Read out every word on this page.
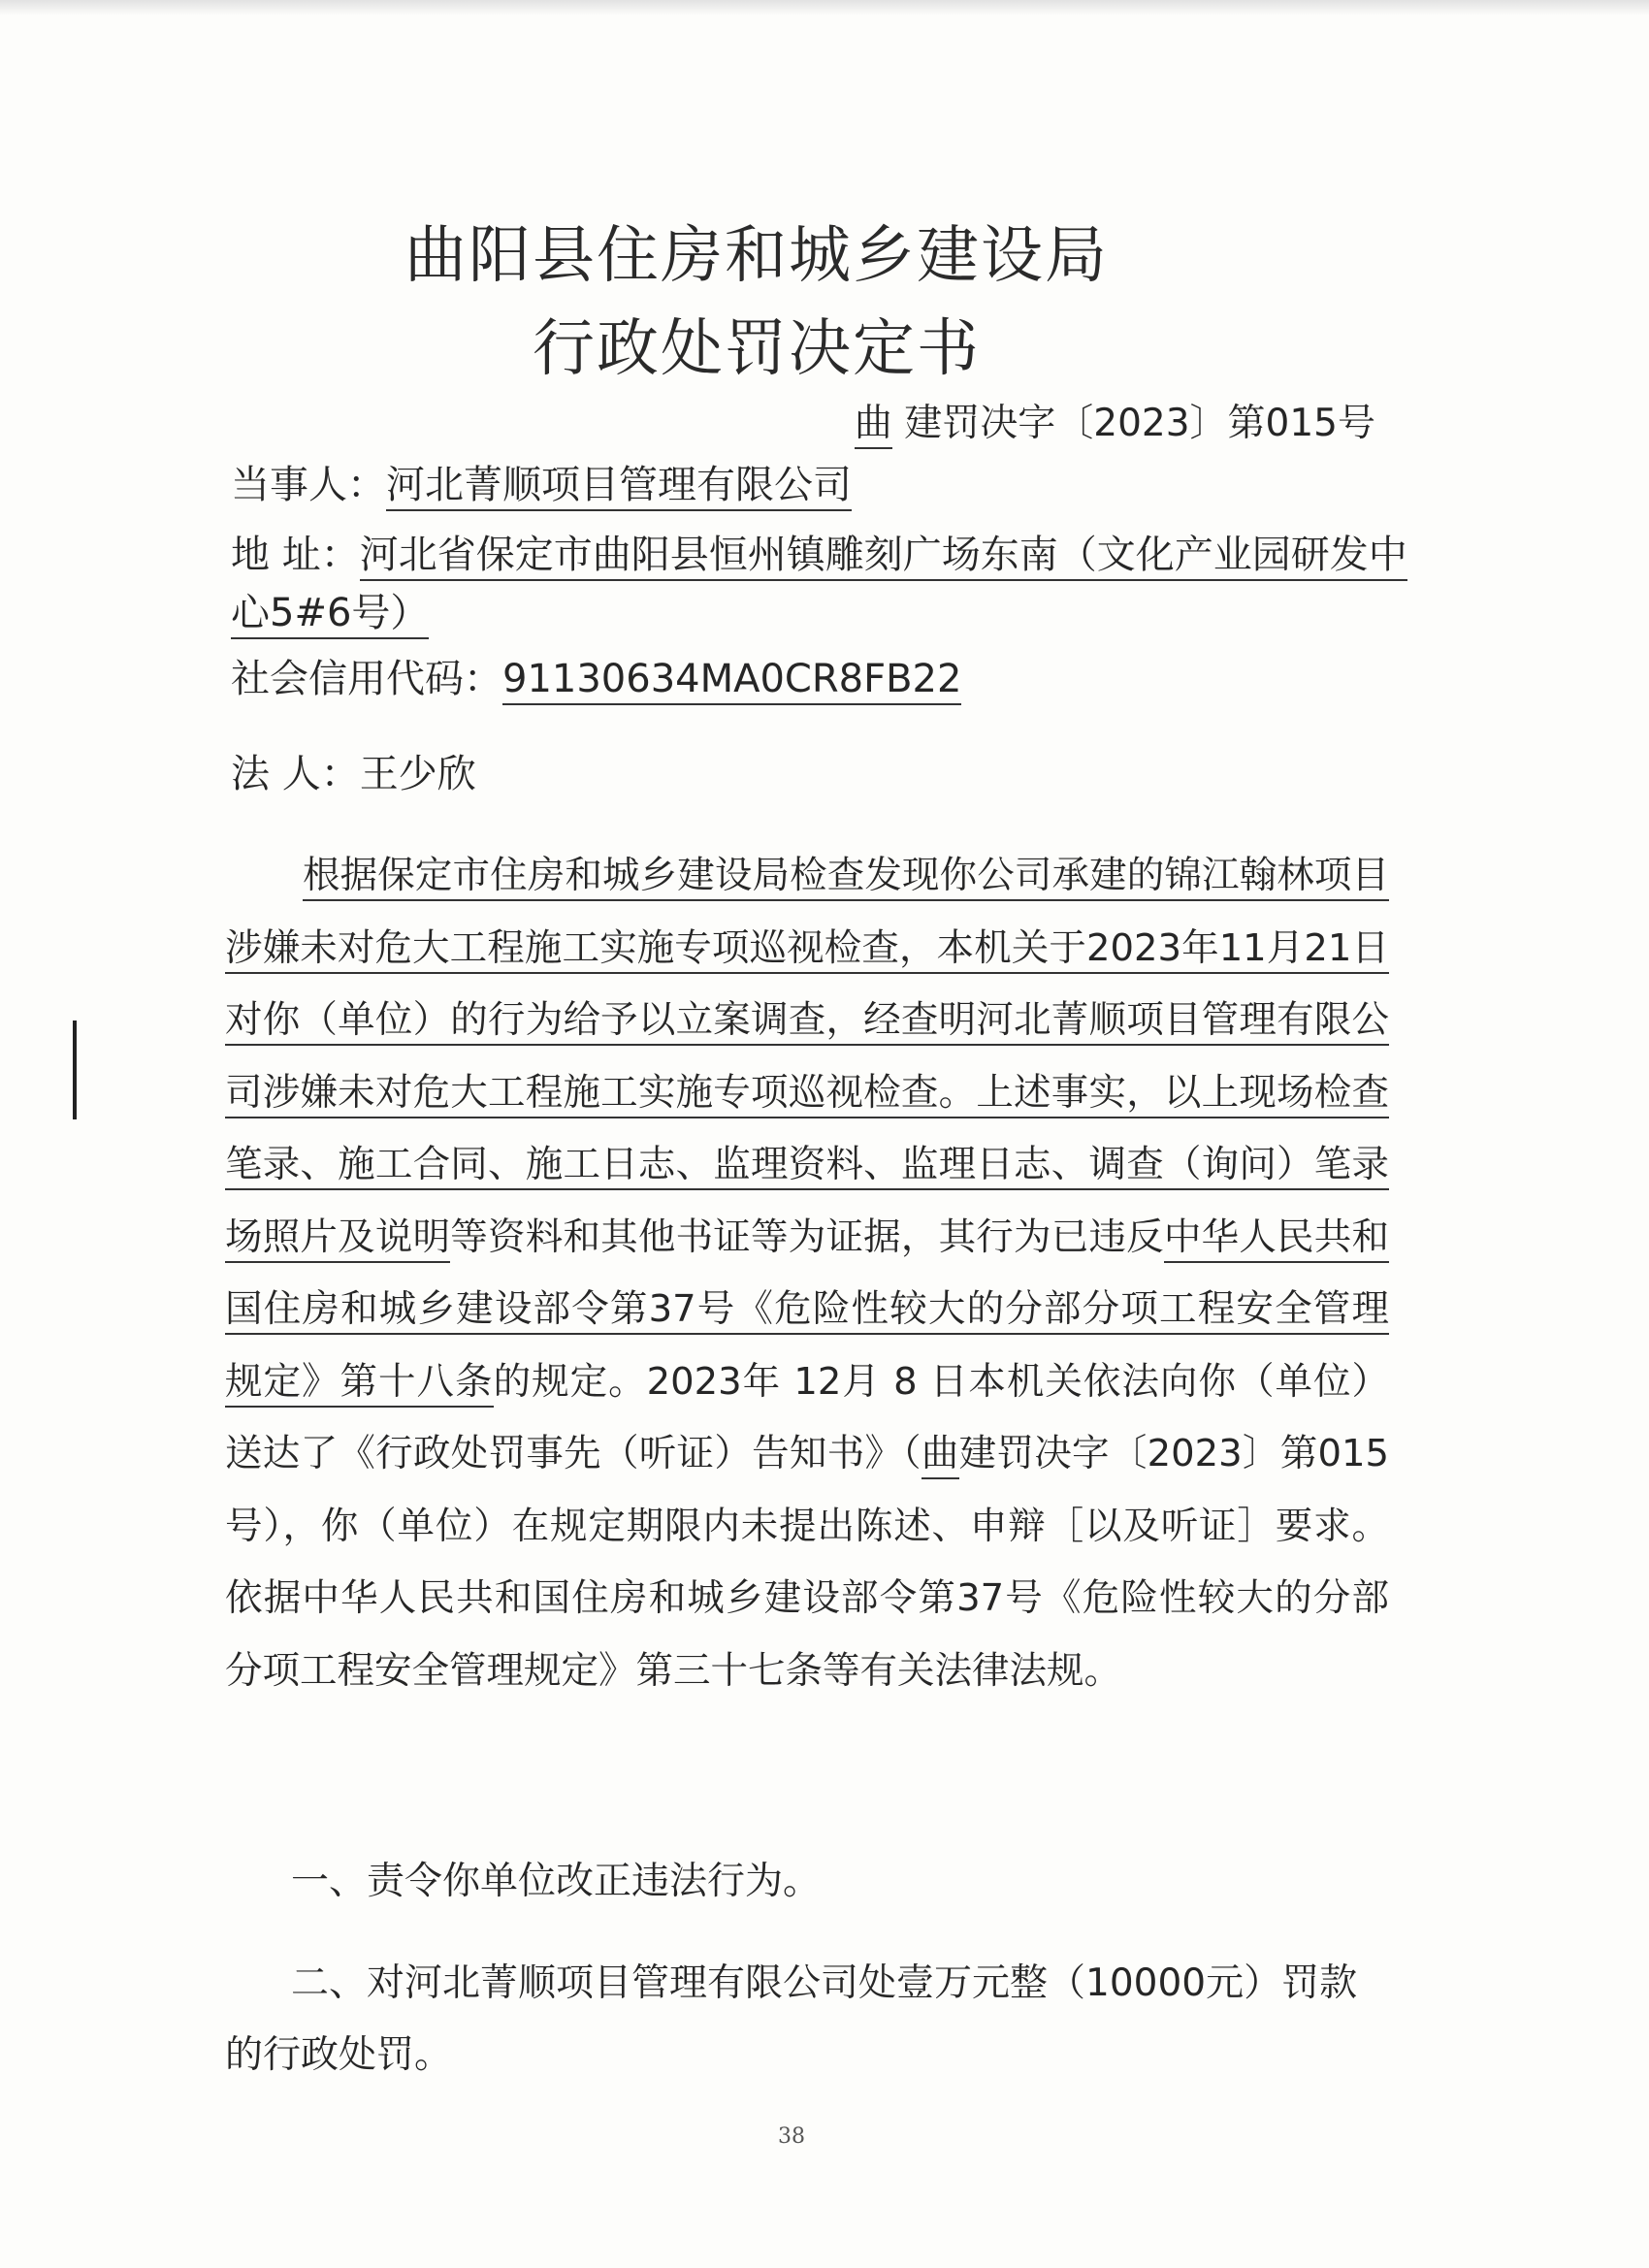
曲阳县住房和城乡建设局
行政处罚决定书
曲 建罚决字〔2023〕第015号
当事人：河北菁顺项目管理有限公司
地 址：河北省保定市曲阳县恒州镇雕刻广场东南（文化产业园研发中
心5#6号）
社会信用代码：91130634MA0CR8FB22
法 人：王少欣
根据保定市住房和城乡建设局检查发现你公司承建的锦江翰林项目涉嫌未对危大工程施工实施专项巡视检查，本机关于2023年11月21日对你（单位）的行为给予以立案调查，经查明河北菁顺项目管理有限公司涉嫌未对危大工程施工实施专项巡视检查。上述事实，以上现场检查笔录、施工合同、施工日志、监理资料、监理日志、调查（询问）笔录场照片及说明等资料和其他书证等为证据，其行为已违反中华人民共和国住房和城乡建设部令第37号《危险性较大的分部分项工程安全管理规定》第十八条的规定。2023年 12月 8 日本机关依法向你（单位）送达了《行政处罚事先（听证）告知书》（曲建罚决字〔2023〕第015号），你（单位）在规定期限内未提出陈述、申辩［以及听证］要求。依据中华人民共和国住房和城乡建设部令第37号《危险性较大的分部分项工程安全管理规定》第三十七条等有关法律法规。
一、责令你单位改正违法行为。
二、对河北菁顺项目管理有限公司处壹万元整（10000元）罚款的行政处罚。
38
